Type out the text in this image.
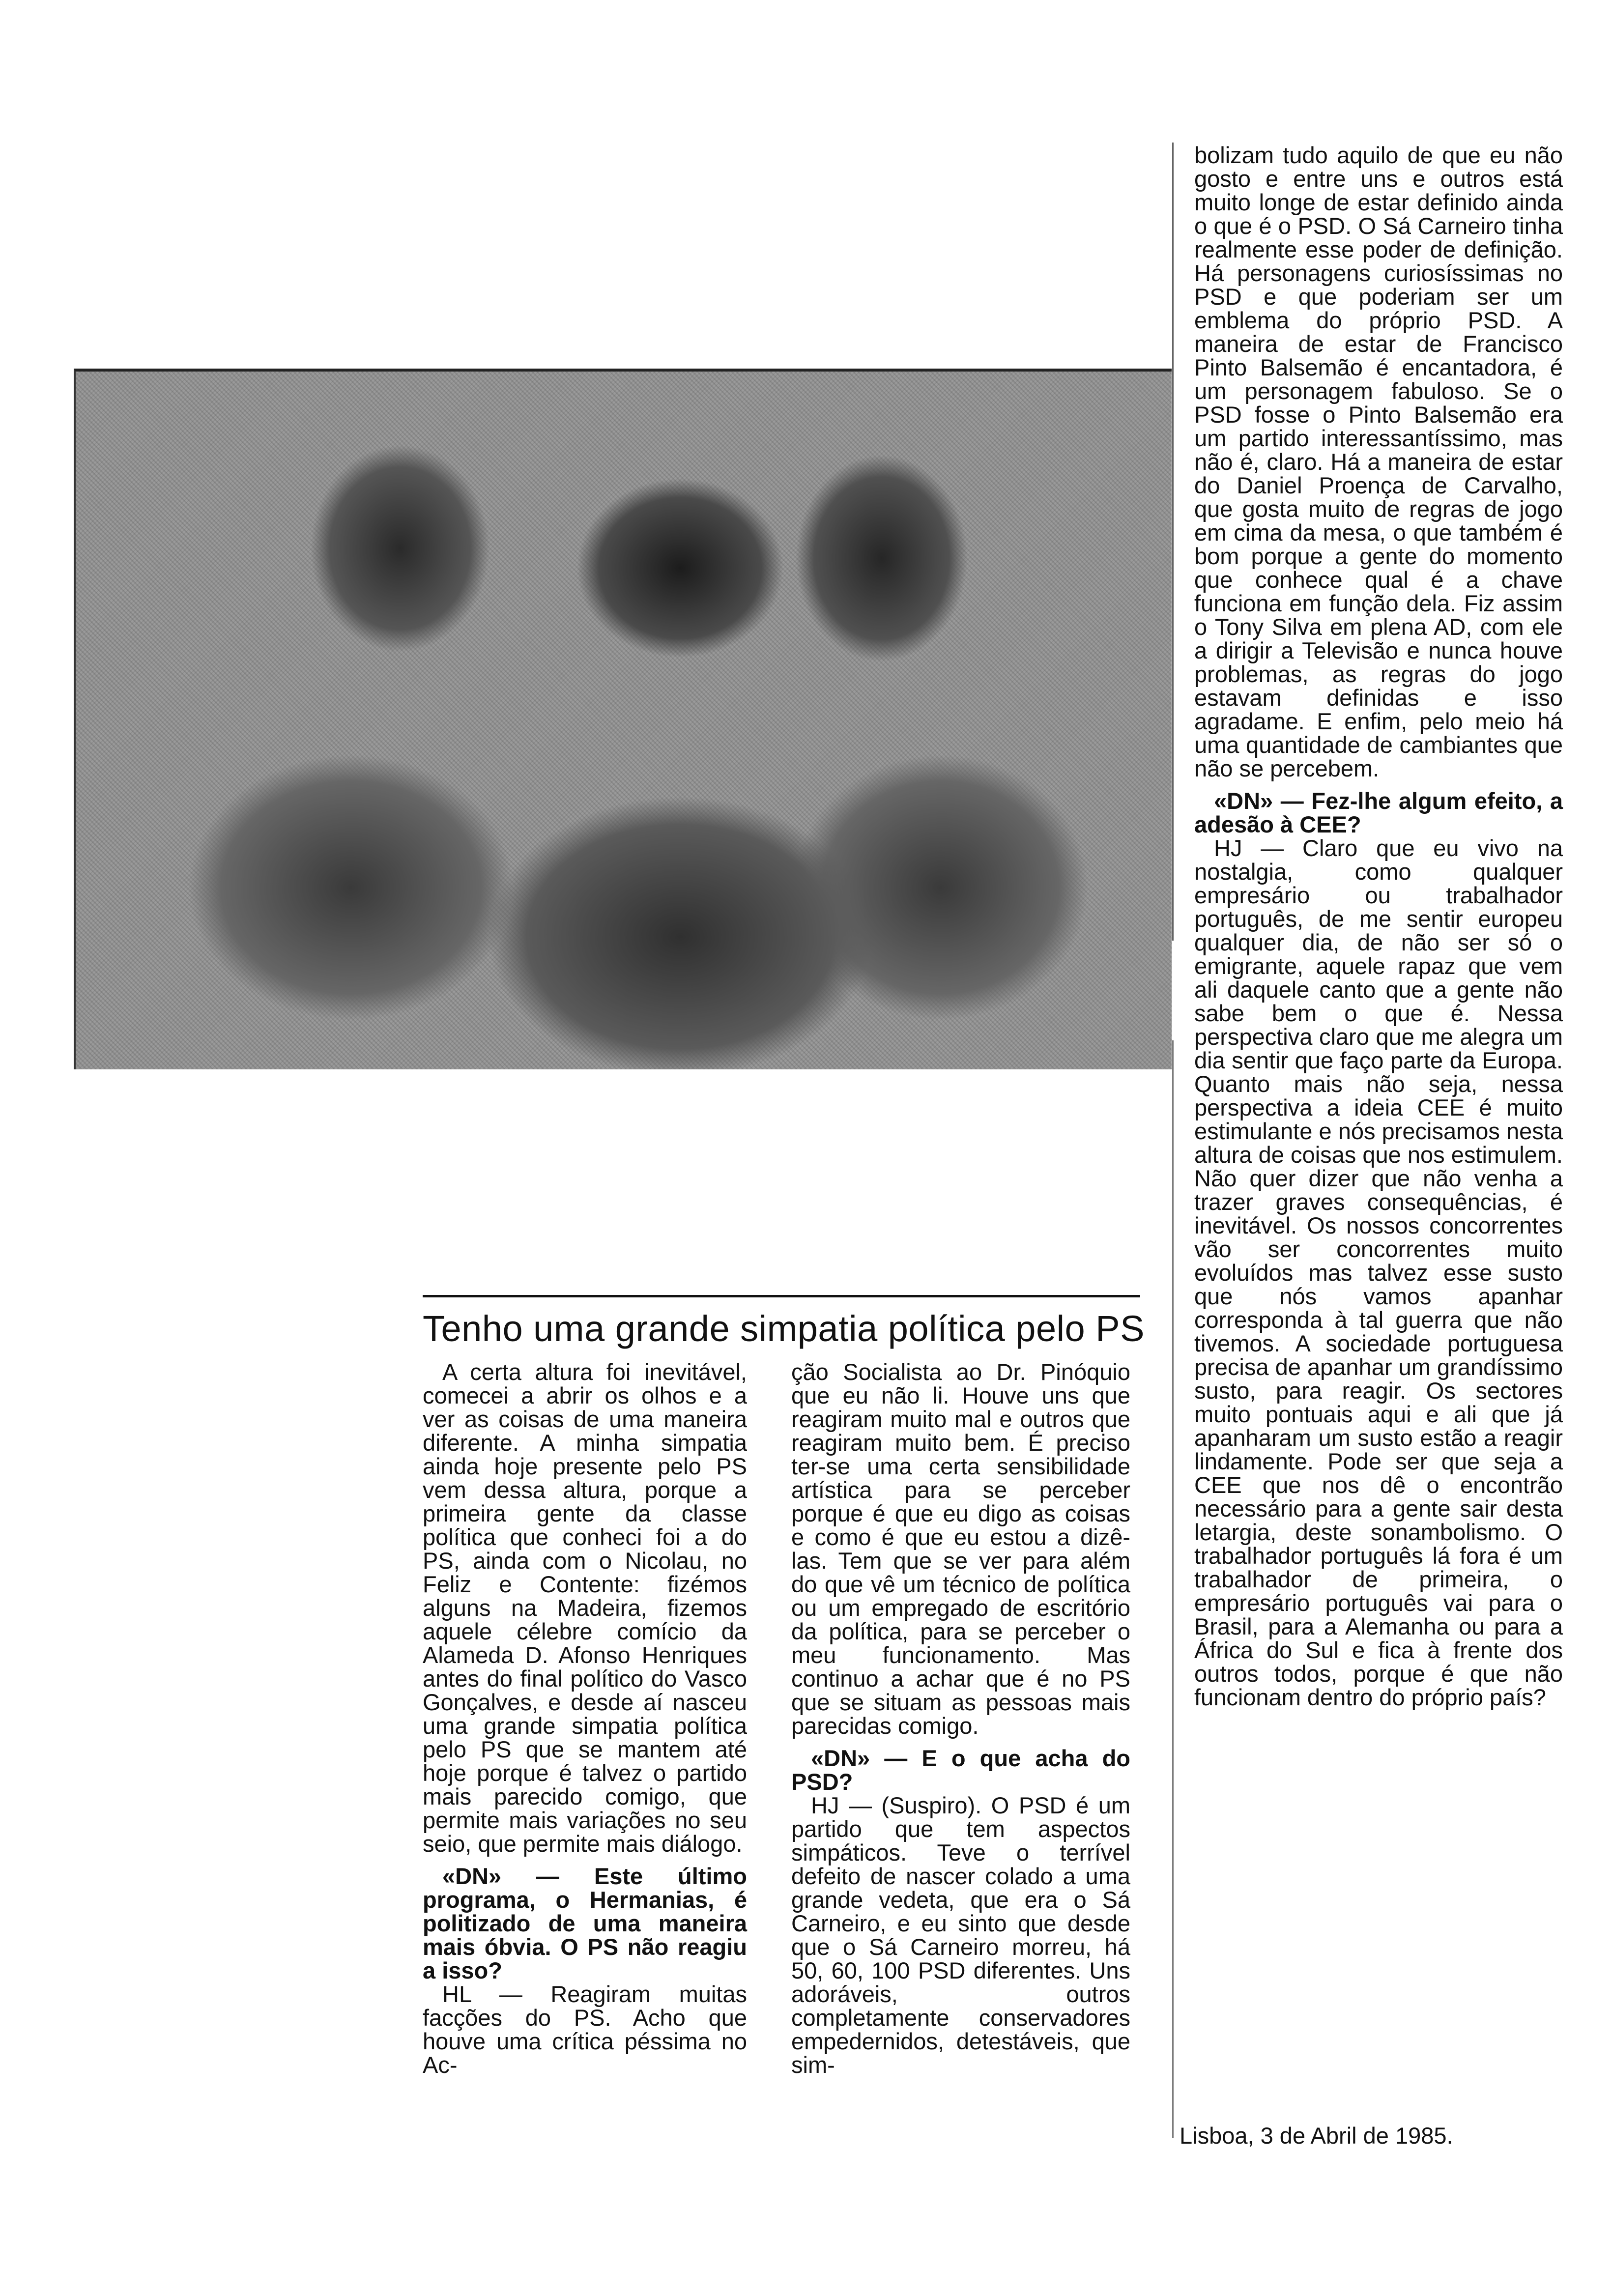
Tenho uma grande simpatia política pelo PS

A certa altura foi inevitável, comecei a abrir os olhos e a ver as coisas de uma maneira diferente. A minha simpatia ainda hoje presente pelo PS vem dessa altura, porque a primeira gente da classe política que conheci foi a do PS, ainda com o Nicolau, no Feliz e Contente: fizémos alguns na Madeira, fizemos aquele célebre comício da Alameda D. Afonso Henriques antes do final político do Vasco Gonçalves, e desde aí nasceu uma grande simpatia política pelo PS que se mantem até hoje porque é talvez o partido mais parecido comigo, que permite mais variações no seu seio, que permite mais diálogo.

«DN» — Este último programa, o Hermanias, é politizado de uma maneira mais óbvia. O PS não reagiu a isso?

HL — Reagiram muitas facções do PS. Acho que houve uma crítica péssima no Ac-

ção Socialista ao Dr. Pinóquio que eu não li. Houve uns que reagiram muito mal e outros que reagiram muito bem. É preciso ter-se uma certa sensibilidade artística para se perceber porque é que eu digo as coisas e como é que eu estou a dizê-las. Tem que se ver para além do que vê um técnico de política ou um empregado de escritório da política, para se perceber o meu funcionamento. Mas continuo a achar que é no PS que se situam as pessoas mais parecidas comigo.

«DN» — E o que acha do PSD?

HJ — (Suspiro). O PSD é um partido que tem aspectos simpáticos. Teve o terrível defeito de nascer colado a uma grande vedeta, que era o Sá Carneiro, e eu sinto que desde que o Sá Carneiro morreu, há 50, 60, 100 PSD diferentes. Uns adoráveis, outros completamente conservadores empedernidos, detestáveis, que sim-

bolizam tudo aquilo de que eu não gosto e entre uns e outros está muito longe de estar definido ainda o que é o PSD. O Sá Carneiro tinha realmente esse poder de definição. Há personagens curiosíssimas no PSD e que poderiam ser um emblema do próprio PSD. A maneira de estar de Francisco Pinto Balsemão é encantadora, é um personagem fabuloso. Se o PSD fosse o Pinto Balsemão era um partido interessantíssimo, mas não é, claro. Há a maneira de estar do Daniel Proença de Carvalho, que gosta muito de regras de jogo em cima da mesa, o que também é bom porque a gente do momento que conhece qual é a chave funciona em função dela. Fiz assim o Tony Silva em plena AD, com ele a dirigir a Televisão e nunca houve problemas, as regras do jogo estavam definidas e isso agradame. E enfim, pelo meio há uma quantidade de cambiantes que não se percebem.

«DN» — Fez-lhe algum efeito, a adesão à CEE?

HJ — Claro que eu vivo na nostalgia, como qualquer empresário ou trabalhador português, de me sentir europeu qualquer dia, de não ser só o emigrante, aquele rapaz que vem ali daquele canto que a gente não sabe bem o que é. Nessa perspectiva claro que me alegra um dia sentir que faço parte da Europa. Quanto mais não seja, nessa perspectiva a ideia CEE é muito estimulante e nós precisamos nesta altura de coisas que nos estimulem. Não quer dizer que não venha a trazer graves consequências, é inevitável. Os nossos concorrentes vão ser concorrentes muito evoluídos mas talvez esse susto que nós vamos apanhar corresponda à tal guerra que não tivemos. A sociedade portuguesa precisa de apanhar um grandíssimo susto, para reagir. Os sectores muito pontuais aqui e ali que já apanharam um susto estão a reagir lindamente. Pode ser que seja a CEE que nos dê o encontrão necessário para a gente sair desta letargia, deste sonambolismo. O trabalhador português lá fora é um trabalhador de primeira, o empresário português vai para o Brasil, para a Alemanha ou para a África do Sul e fica à frente dos outros todos, porque é que não funcionam dentro do próprio país?

Lisboa, 3 de Abril de 1985.
